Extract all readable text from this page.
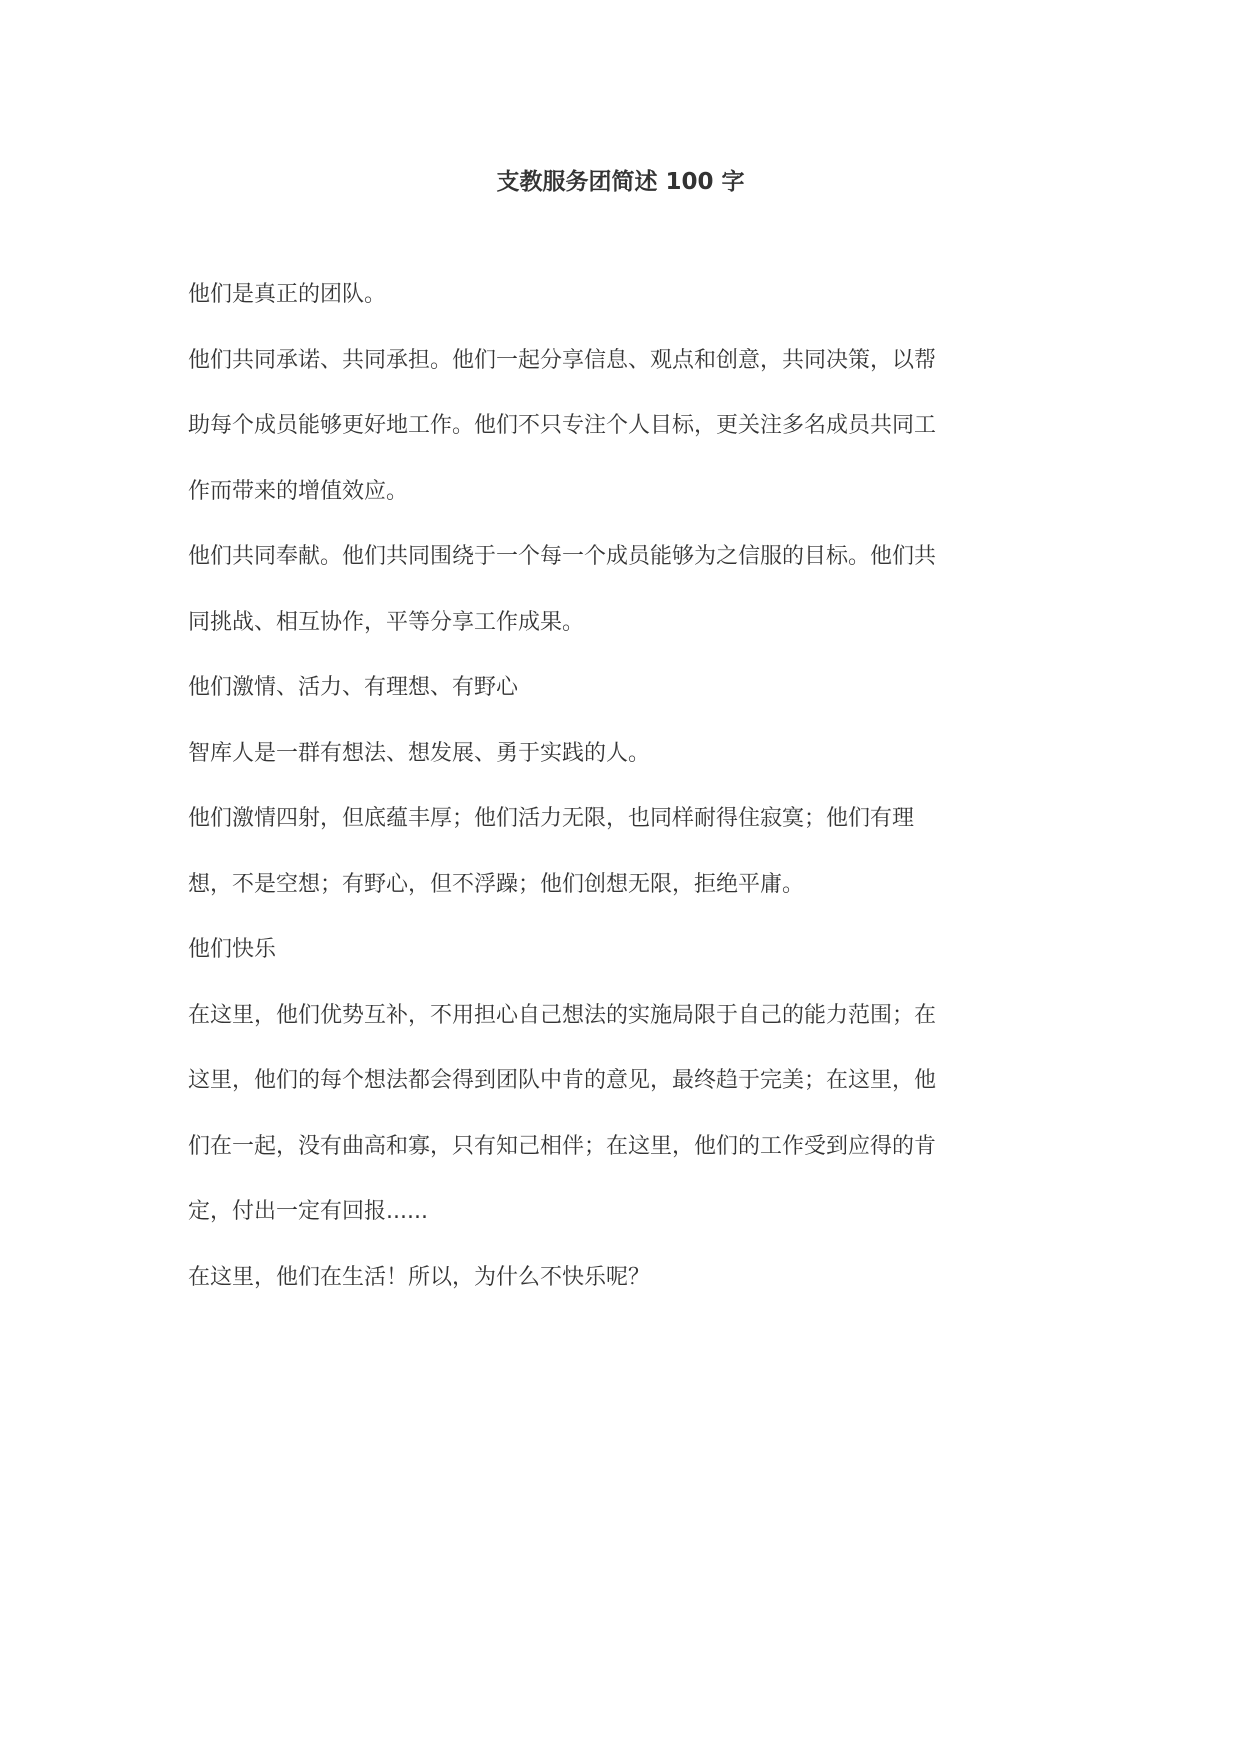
支教服务团简述 100 字
他们是真正的团队。
他们共同承诺、共同承担。他们一起分享信息、观点和创意，共同决策，以帮
助每个成员能够更好地工作。他们不只专注个人目标，更关注多名成员共同工
作而带来的增值效应。
他们共同奉献。他们共同围绕于一个每一个成员能够为之信服的目标。他们共
同挑战、相互协作，平等分享工作成果。
他们激情、活力、有理想、有野心
智库人是一群有想法、想发展、勇于实践的人。
他们激情四射，但底蕴丰厚；他们活力无限，也同样耐得住寂寞；他们有理
想，不是空想；有野心，但不浮躁；他们创想无限，拒绝平庸。
他们快乐
在这里，他们优势互补，不用担心自己想法的实施局限于自己的能力范围；在
这里，他们的每个想法都会得到团队中肯的意见，最终趋于完美；在这里，他
们在一起，没有曲高和寡，只有知己相伴；在这里，他们的工作受到应得的肯
定，付出一定有回报......
在这里，他们在生活！所以，为什么不快乐呢？
